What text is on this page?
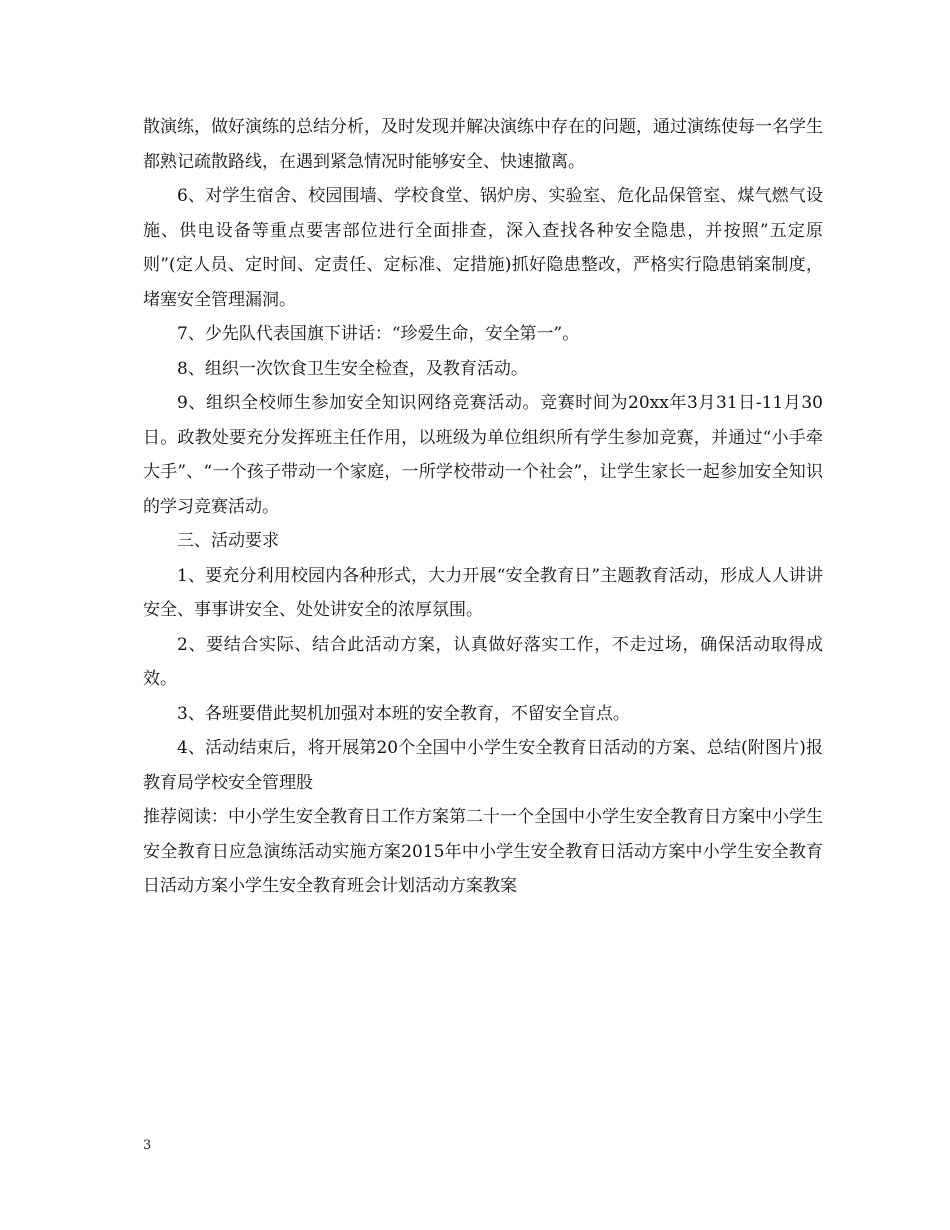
散演练，做好演练的总结分析，及时发现并解决演练中存在的问题，通过演练使每一名学生都熟记疏散路线，在遇到紧急情况时能够安全、快速撤离。

6、对学生宿舍、校园围墙、学校食堂、锅炉房、实验室、危化品保管室、煤气燃气设施、供电设备等重点要害部位进行全面排查，深入查找各种安全隐患，并按照”五定原则”(定人员、定时间、定责任、定标准、定措施)抓好隐患整改，严格实行隐患销案制度，堵塞安全管理漏洞。

7、少先队代表国旗下讲话：“珍爱生命，安全第一”。

8、组织一次饮食卫生安全检查，及教育活动。

9、组织全校师生参加安全知识网络竞赛活动。竞赛时间为20xx年3月31日-11月30日。政教处要充分发挥班主任作用，以班级为单位组织所有学生参加竞赛，并通过“小手牵大手”、“一个孩子带动一个家庭，一所学校带动一个社会”，让学生家长一起参加安全知识的学习竞赛活动。

三、活动要求

1、要充分利用校园内各种形式，大力开展“安全教育日”主题教育活动，形成人人讲讲安全、事事讲安全、处处讲安全的浓厚氛围。

2、要结合实际、结合此活动方案，认真做好落实工作，不走过场，确保活动取得成效。

3、各班要借此契机加强对本班的安全教育，不留安全盲点。

4、活动结束后，将开展第20个全国中小学生安全教育日活动的方案、总结(附图片)报教育局学校安全管理股

推荐阅读：中小学生安全教育日工作方案第二十一个全国中小学生安全教育日方案中小学生安全教育日应急演练活动实施方案2015年中小学生安全教育日活动方案中小学生安全教育日活动方案小学生安全教育班会计划活动方案教案

3
